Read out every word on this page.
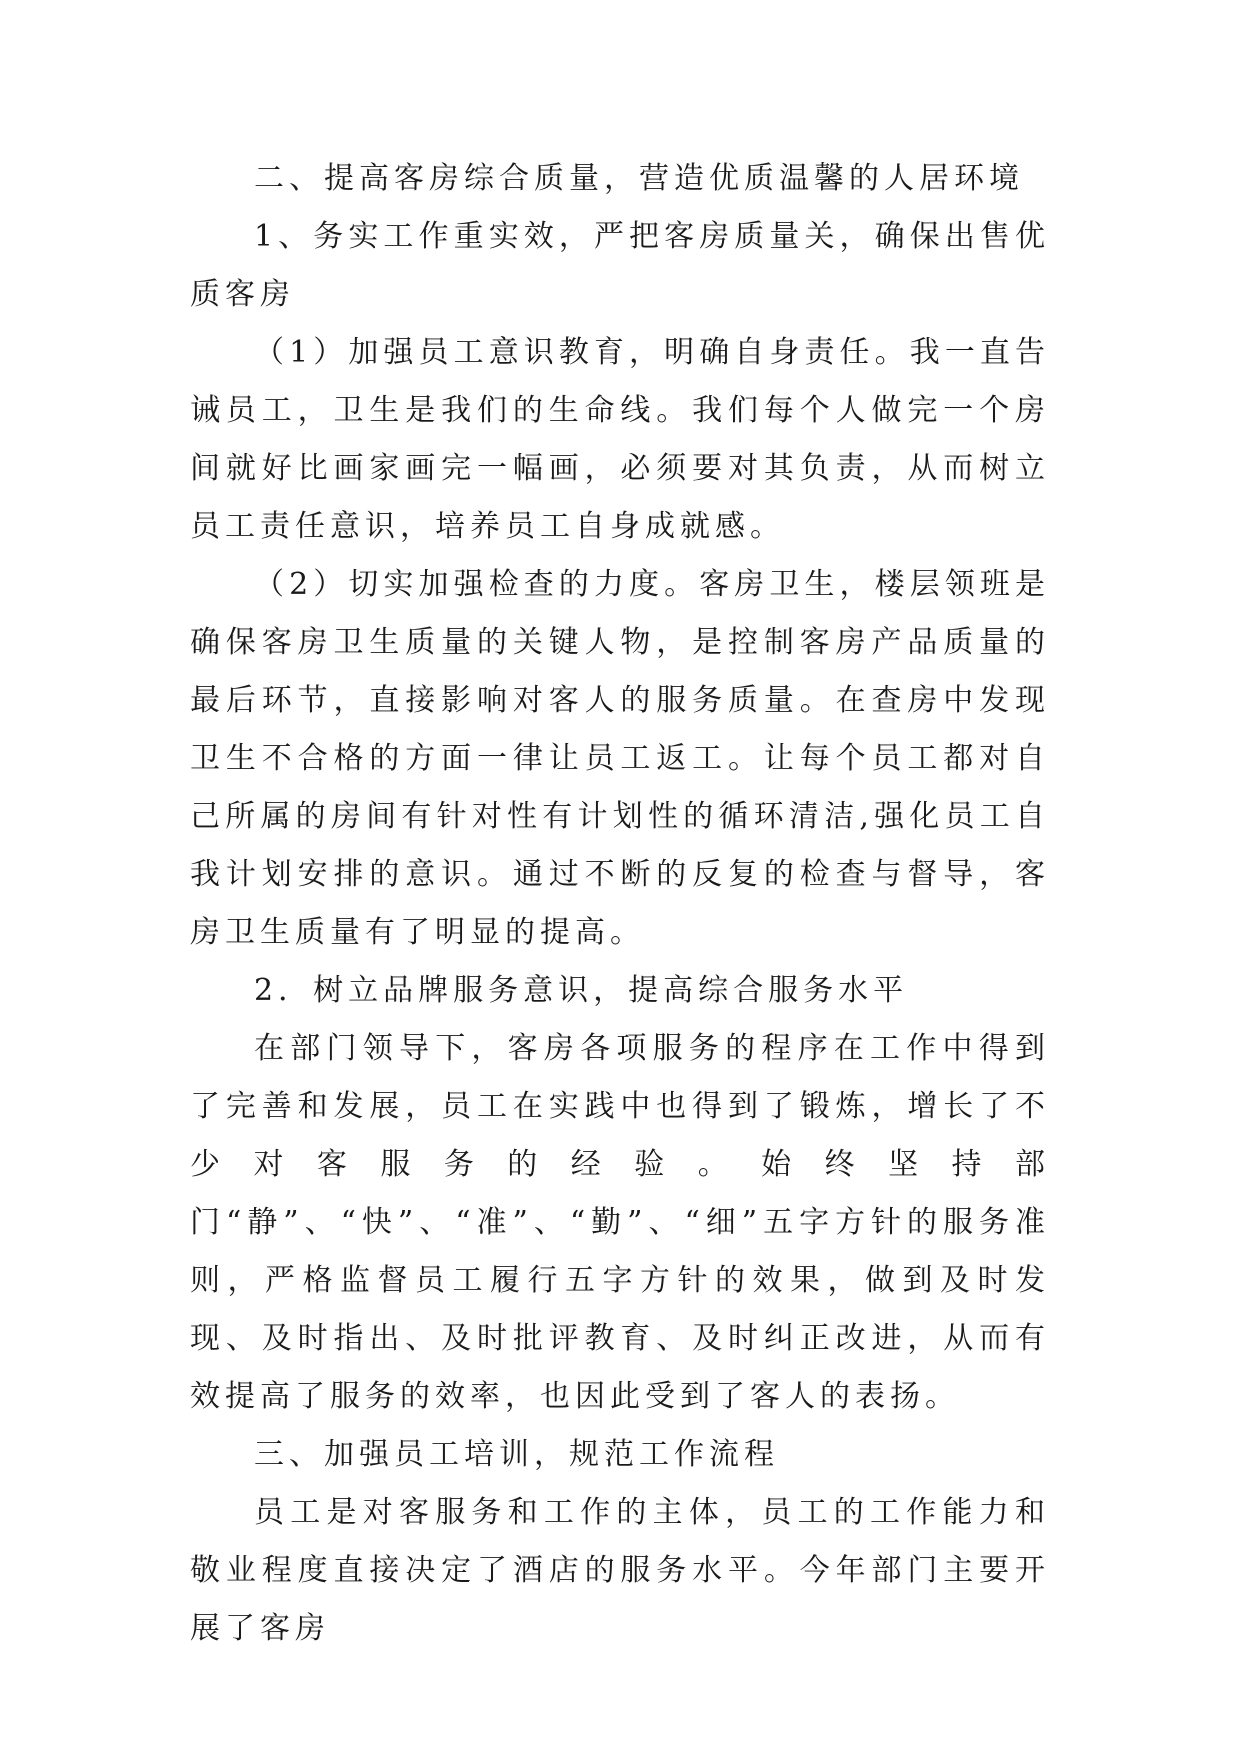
二、提高客房综合质量，营造优质温馨的人居环境

1、务实工作重实效，严把客房质量关，确保出售优质客房

（1）加强员工意识教育，明确自身责任。我一直告诫员工，卫生是我们的生命线。我们每个人做完一个房间就好比画家画完一幅画，必须要对其负责，从而树立员工责任意识，培养员工自身成就感。

（2）切实加强检查的力度。客房卫生，楼层领班是确保客房卫生质量的关键人物，是控制客房产品质量的最后环节，直接影响对客人的服务质量。在查房中发现卫生不合格的方面一律让员工返工。让每个员工都对自己所属的房间有针对性有计划性的循环清洁,强化员工自我计划安排的意识。通过不断的反复的检查与督导，客房卫生质量有了明显的提高。

2．树立品牌服务意识，提高综合服务水平

在部门领导下，客房各项服务的程序在工作中得到了完善和发展，员工在实践中也得到了锻炼，增长了不少对客服务的经验。始终坚持部门“静”、“快”、“准”、“勤”、“细”五字方针的服务准则，严格监督员工履行五字方针的效果，做到及时发现、及时指出、及时批评教育、及时纠正改进，从而有效提高了服务的效率，也因此受到了客人的表扬。

三、加强员工培训，规范工作流程

员工是对客服务和工作的主体，员工的工作能力和敬业程度直接决定了酒店的服务水平。今年部门主要开展了客房
